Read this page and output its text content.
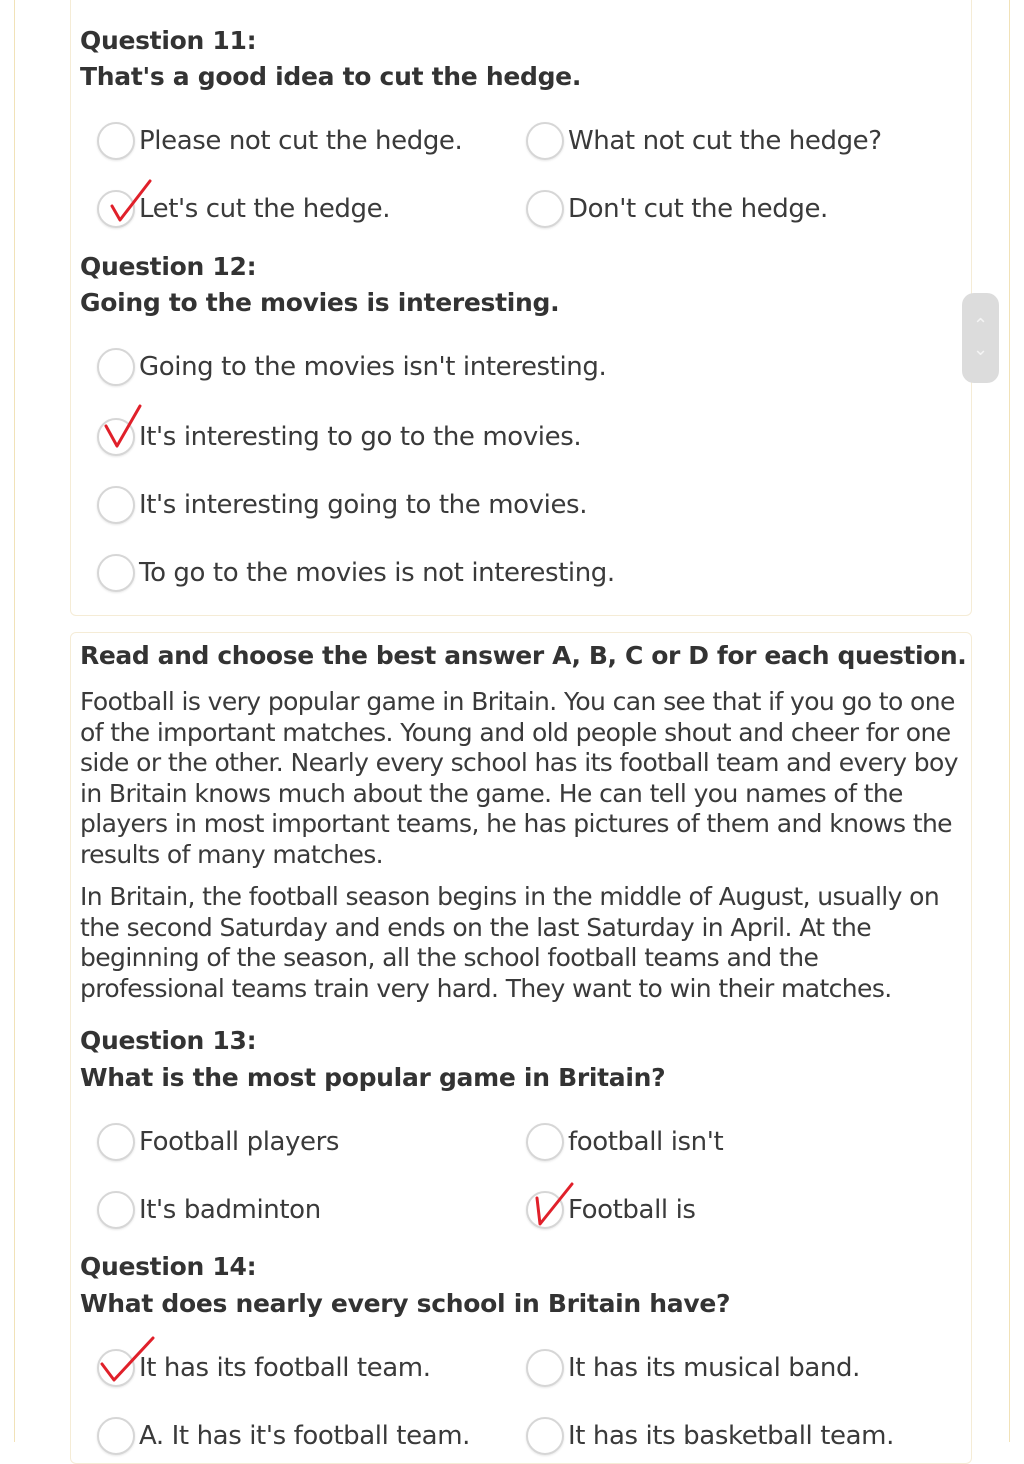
Question 11:
That's a good idea to cut the hedge.
Please not cut the hedge.	What not cut the hedge?
Let's cut the hedge.	Don't cut the hedge.
Question 12:
Going to the movies is interesting.
Going to the movies isn't interesting.
It's interesting to go to the movies.
It's interesting going to the movies.
To go to the movies is not interesting.
⌃
⌄
Read and choose the best answer A, B, C or D for each question.

Football is very popular game in Britain. You can see that if you go to one of the important matches. Young and old people shout and cheer for one side or the other. Nearly every school has its football team and every boy in Britain knows much about the game. He can tell you names of the players in most important teams, he has pictures of them and knows the results of many matches.

In Britain, the football season begins in the middle of August, usually on the second Saturday and ends on the last Saturday in April. At the beginning of the season, all the school football teams and the professional teams train very hard. They want to win their matches.

Question 13:
What is the most popular game in Britain?
Football players	football isn't
It's badminton	Football is
Question 14:
What does nearly every school in Britain have?
It has its football team.	It has its musical band.
A. It has it's football team.	It has its basketball team.
